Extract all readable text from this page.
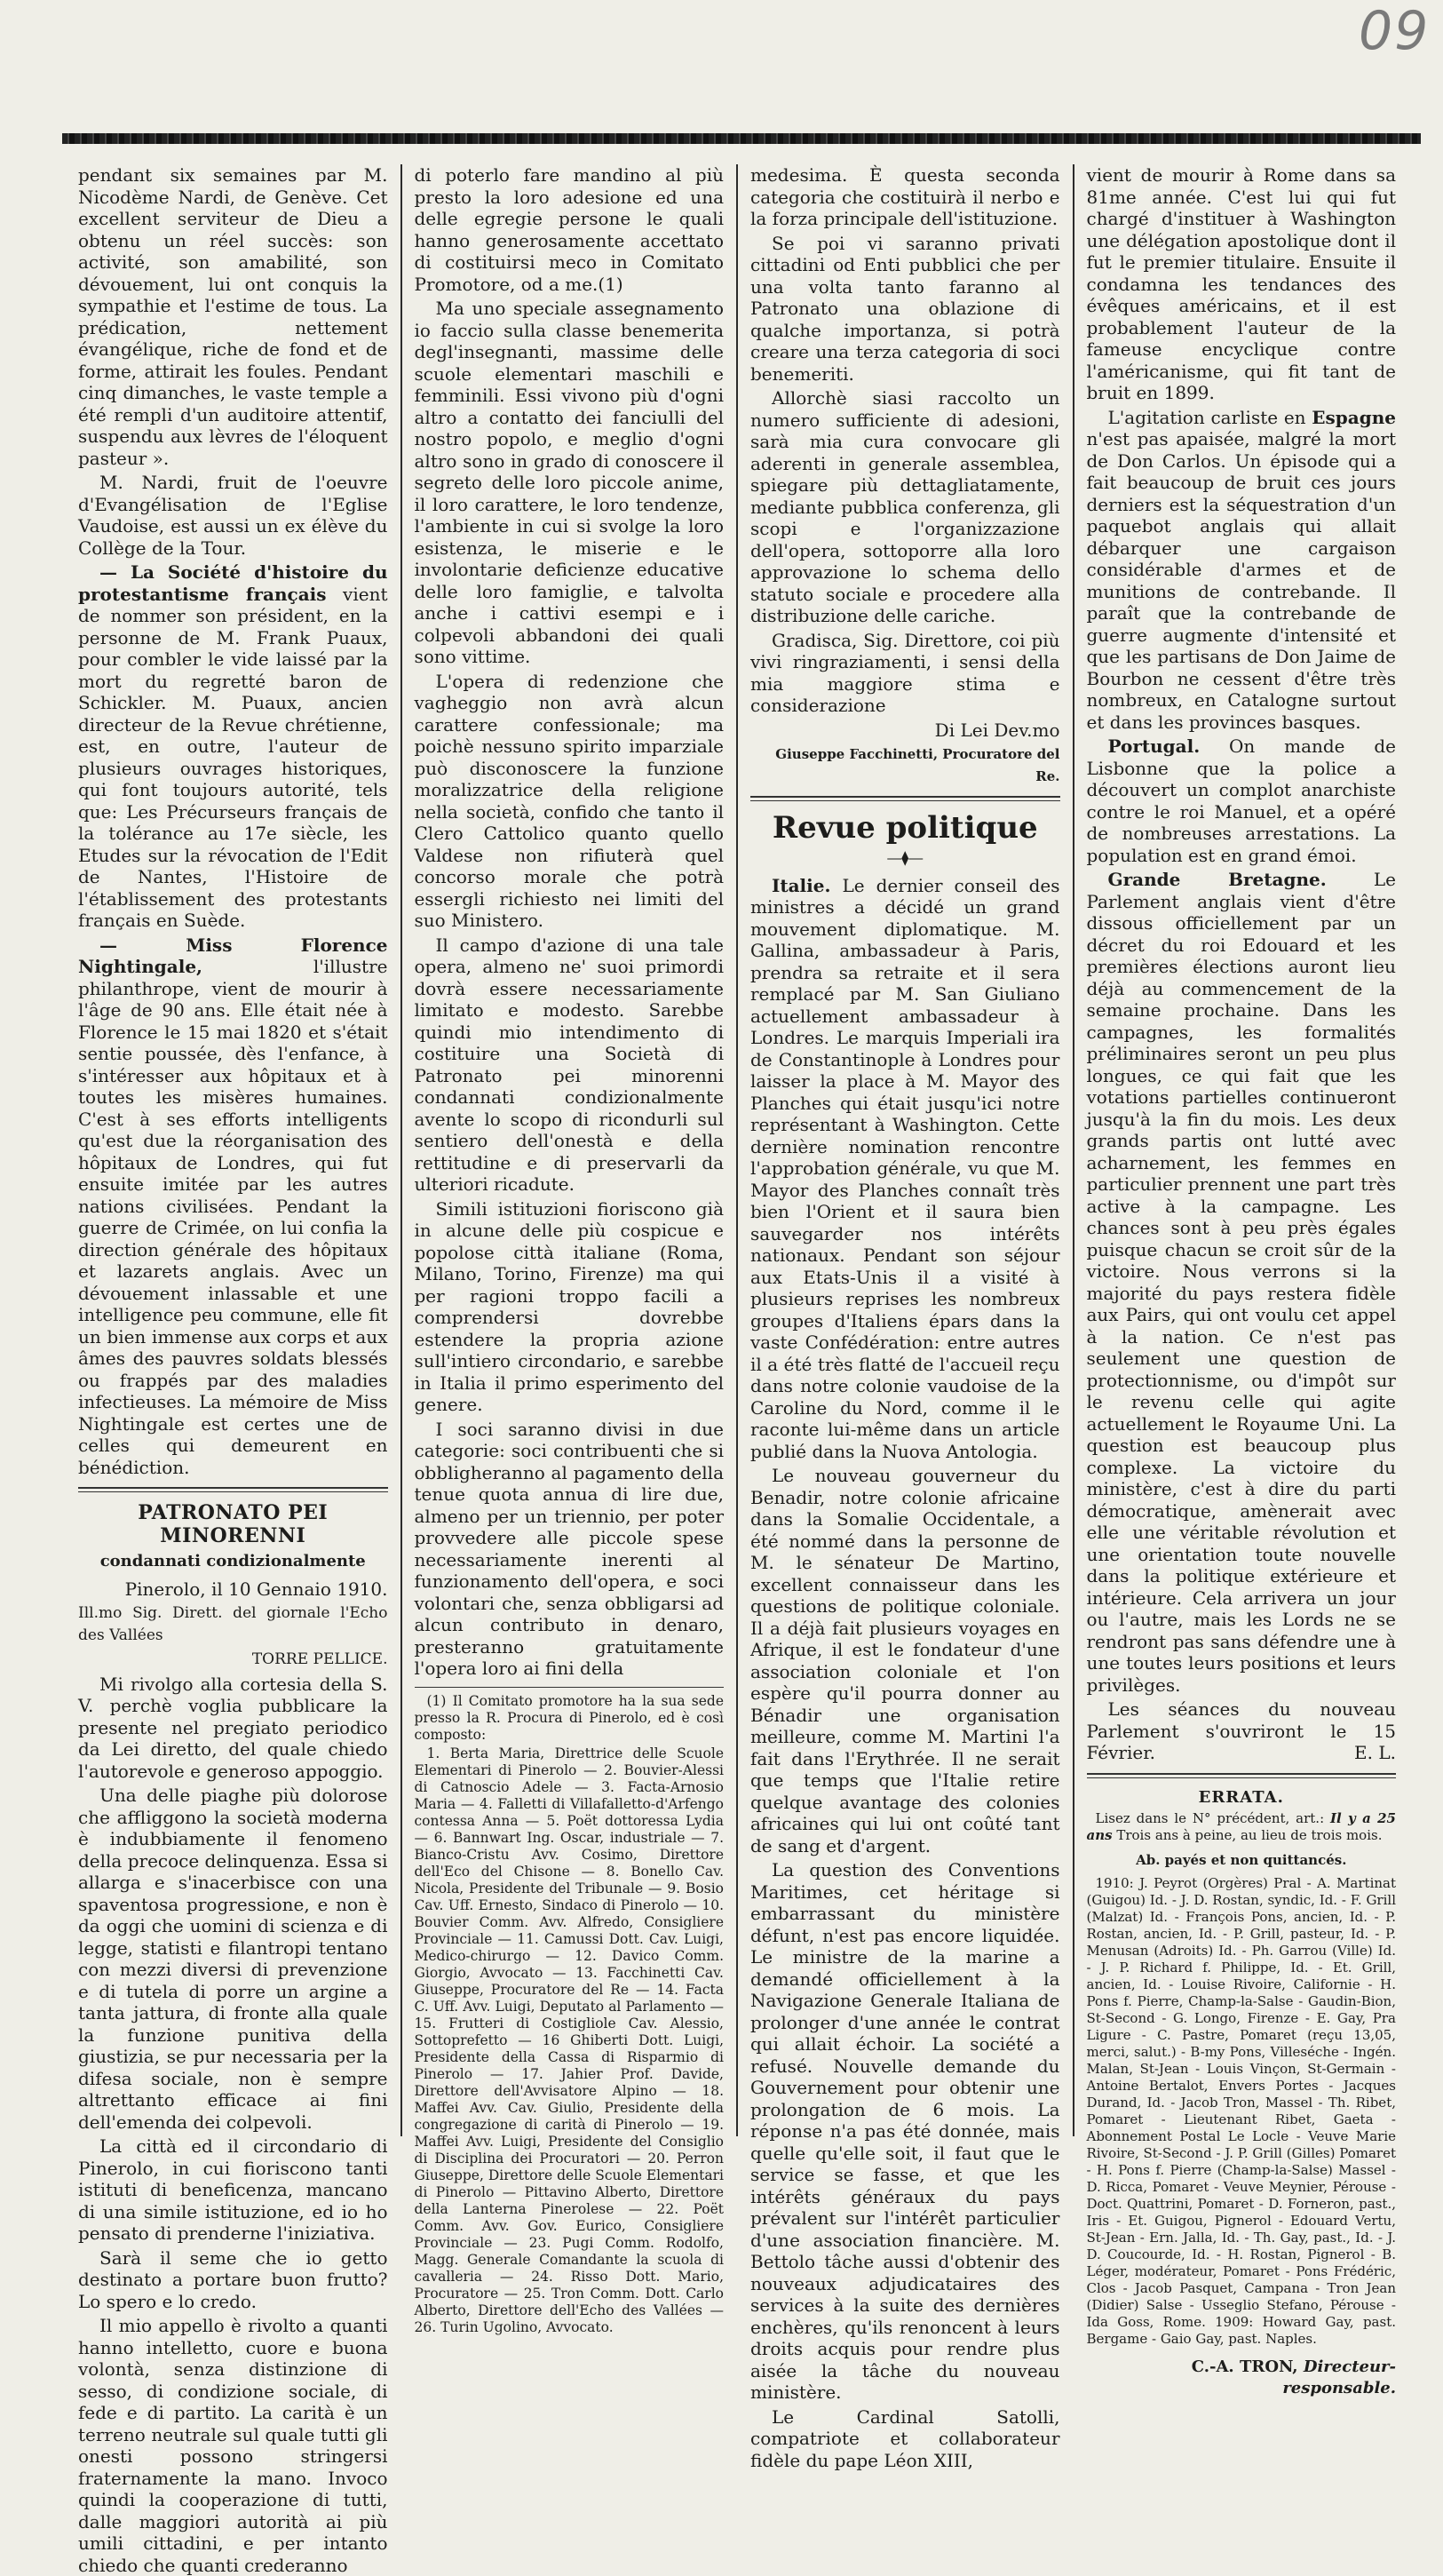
09

pendant six semaines par M. Nicodème Nardi, de Genève. Cet excellent serviteur de Dieu a obtenu un réel succès: son activité, son amabilité, son dévouement, lui ont conquis la sympathie et l'estime de tous. La prédication, nettement évangélique, riche de fond et de forme, attirait les foules. Pendant cinq dimanches, le vaste temple a été rempli d'un auditoire attentif, suspendu aux lèvres de l'éloquent pasteur ».

M. Nardi, fruit de l'oeuvre d'Evangélisation de l'Eglise Vaudoise, est aussi un ex élève du Collège de la Tour.

— La Société d'histoire du protestantisme français vient de nommer son président, en la personne de M. Frank Puaux, pour combler le vide laissé par la mort du regretté baron de Schickler. M. Puaux, ancien directeur de la Revue chrétienne, est, en outre, l'auteur de plusieurs ouvrages historiques, qui font toujours autorité, tels que: Les Précurseurs français de la tolérance au 17e siècle, les Etudes sur la révocation de l'Edit de Nantes, l'Histoire de l'établissement des protestants français en Suède.

— Miss Florence Nightingale, l'illustre philanthrope, vient de mourir à l'âge de 90 ans. Elle était née à Florence le 15 mai 1820 et s'était sentie poussée, dès l'enfance, à s'intéresser aux hôpitaux et à toutes les misères humaines. C'est à ses efforts intelligents qu'est due la réorganisation des hôpitaux de Londres, qui fut ensuite imitée par les autres nations civilisées. Pendant la guerre de Crimée, on lui confia la direction générale des hôpitaux et lazarets anglais. Avec un dévouement inlassable et une intelligence peu commune, elle fit un bien immense aux corps et aux âmes des pauvres soldats blessés ou frappés par des maladies infectieuses. La mémoire de Miss Nightingale est certes une de celles qui demeurent en bénédiction.

PATRONATO PEI MINORENNI
condannati condizionalmente

Pinerolo, il 10 Gennaio 1910.

Ill.mo Sig. Dirett. del giornale l'Echo des Vallées

TORRE PELLICE.

Mi rivolgo alla cortesia della S. V. perchè voglia pubblicare la presente nel pregiato periodico da Lei diretto, del quale chiedo l'autorevole e generoso appoggio.

Una delle piaghe più dolorose che affliggono la società moderna è indubbiamente il fenomeno della precoce delinquenza. Essa si allarga e s'inacerbisce con una spaventosa progressione, e non è da oggi che uomini di scienza e di legge, statisti e filantropi tentano con mezzi diversi di prevenzione e di tutela di porre un argine a tanta jattura, di fronte alla quale la funzione punitiva della giustizia, se pur necessaria per la difesa sociale, non è sempre altrettanto efficace ai fini dell'emenda dei colpevoli.

La città ed il circondario di Pinerolo, in cui fioriscono tanti istituti di beneficenza, mancano di una simile istituzione, ed io ho pensato di prenderne l'iniziativa.

Sarà il seme che io getto destinato a portare buon frutto? Lo spero e lo credo.

Il mio appello è rivolto a quanti hanno intelletto, cuore e buona volontà, senza distinzione di sesso, di condizione sociale, di fede e di partito. La carità è un terreno neutrale sul quale tutti gli onesti possono stringersi fraternamente la mano. Invoco quindi la cooperazione di tutti, dalle maggiori autorità ai più umili cittadini, e per intanto chiedo che quanti crederanno

di poterlo fare mandino al più presto la loro adesione ed una delle egregie persone le quali hanno generosamente accettato di costituirsi meco in Comitato Promotore, od a me.(1)

Ma uno speciale assegnamento io faccio sulla classe benemerita degl'insegnanti, massime delle scuole elementari maschili e femminili. Essi vivono più d'ogni altro a contatto dei fanciulli del nostro popolo, e meglio d'ogni altro sono in grado di conoscere il segreto delle loro piccole anime, il loro carattere, le loro tendenze, l'ambiente in cui si svolge la loro esistenza, le miserie e le involontarie deficienze educative delle loro famiglie, e talvolta anche i cattivi esempi e i colpevoli abbandoni dei quali sono vittime.

L'opera di redenzione che vagheggio non avrà alcun carattere confessionale; ma poichè nessuno spirito imparziale può disconoscere la funzione moralizzatrice della religione nella società, confido che tanto il Clero Cattolico quanto quello Valdese non rifiuterà quel concorso morale che potrà essergli richiesto nei limiti del suo Ministero.

Il campo d'azione di una tale opera, almeno ne' suoi primordi dovrà essere necessariamente limitato e modesto. Sarebbe quindi mio intendimento di costituire una Società di Patronato pei minorenni condannati condizionalmente avente lo scopo di ricondurli sul sentiero dell'onestà e della rettitudine e di preservarli da ulteriori ricadute.

Simili istituzioni fioriscono già in alcune delle più cospicue e popolose città italiane (Roma, Milano, Torino, Firenze) ma qui per ragioni troppo facili a comprendersi dovrebbe estendere la propria azione sull'intiero circondario, e sarebbe in Italia il primo esperimento del genere.

I soci saranno divisi in due categorie: soci contribuenti che si obbligheranno al pagamento della tenue quota annua di lire due, almeno per un triennio, per poter provvedere alle piccole spese necessariamente inerenti al funzionamento dell'opera, e soci volontari che, senza obbligarsi ad alcun contributo in denaro, presteranno gratuitamente l'opera loro ai fini della

(1) Il Comitato promotore ha la sua sede presso la R. Procura di Pinerolo, ed è così composto:

1. Berta Maria, Direttrice delle Scuole Elementari di Pinerolo — 2. Bouvier-Alessi di Catnoscio Adele — 3. Facta-Arnosio Maria — 4. Falletti di Villafalletto-d'Arfengo contessa Anna — 5. Poët dottoressa Lydia — 6. Bannwart Ing. Oscar, industriale — 7. Bianco-Cristu Avv. Cosimo, Direttore dell'Eco del Chisone — 8. Bonello Cav. Nicola, Presidente del Tribunale — 9. Bosio Cav. Uff. Ernesto, Sindaco di Pinerolo — 10. Bouvier Comm. Avv. Alfredo, Consigliere Provinciale — 11. Camussi Dott. Cav. Luigi, Medico-chirurgo — 12. Davico Comm. Giorgio, Avvocato — 13. Facchinetti Cav. Giuseppe, Procuratore del Re — 14. Facta C. Uff. Avv. Luigi, Deputato al Parlamento — 15. Frutteri di Costigliole Cav. Alessio, Sottoprefetto — 16 Ghiberti Dott. Luigi, Presidente della Cassa di Risparmio di Pinerolo — 17. Jahier Prof. Davide, Direttore dell'Avvisatore Alpino — 18. Maffei Avv. Cav. Giulio, Presidente della congregazione di carità di Pinerolo — 19. Maffei Avv. Luigi, Presidente del Consiglio di Disciplina dei Procuratori — 20. Perron Giuseppe, Direttore delle Scuole Elementari di Pinerolo — Pittavino Alberto, Direttore della Lanterna Pinerolese — 22. Poët Comm. Avv. Gov. Eurico, Consigliere Provinciale — 23. Pugi Comm. Rodolfo, Magg. Generale Comandante la scuola di cavalleria — 24. Risso Dott. Mario, Procuratore — 25. Tron Comm. Dott. Carlo Alberto, Direttore dell'Echo des Vallées — 26. Turin Ugolino, Avvocato.

medesima. È questa seconda categoria che costituirà il nerbo e la forza principale dell'istituzione.

Se poi vi saranno privati cittadini od Enti pubblici che per una volta tanto faranno al Patronato una oblazione di qualche importanza, si potrà creare una terza categoria di soci benemeriti.

Allorchè siasi raccolto un numero sufficiente di adesioni, sarà mia cura convocare gli aderenti in generale assemblea, spiegare più dettagliatamente, mediante pubblica conferenza, gli scopi e l'organizzazione dell'opera, sottoporre alla loro approvazione lo schema dello statuto sociale e procedere alla distribuzione delle cariche.

Gradisca, Sig. Direttore, coi più vivi ringraziamenti, i sensi della mia maggiore stima e considerazione

Di Lei Dev.mo

Giuseppe Facchinetti, Procuratore del Re.

Revue politique
―⧫―

Italie. Le dernier conseil des ministres a décidé un grand mouvement diplomatique. M. Gallina, ambassadeur à Paris, prendra sa retraite et il sera remplacé par M. San Giuliano actuellement ambassadeur à Londres. Le marquis Imperiali ira de Constantinople à Londres pour laisser la place à M. Mayor des Planches qui était jusqu'ici notre représentant à Washington. Cette dernière nomination rencontre l'approbation générale, vu que M. Mayor des Planches connaît très bien l'Orient et il saura bien sauvegarder nos intérêts nationaux. Pendant son séjour aux Etats-Unis il a visité à plusieurs reprises les nombreux groupes d'Italiens épars dans la vaste Confédération: entre autres il a été très flatté de l'accueil reçu dans notre colonie vaudoise de la Caroline du Nord, comme il le raconte lui-même dans un article publié dans la Nuova Antologia.

Le nouveau gouverneur du Benadir, notre colonie africaine dans la Somalie Occidentale, a été nommé dans la personne de M. le sénateur De Martino, excellent connaisseur dans les questions de politique coloniale. Il a déjà fait plusieurs voyages en Afrique, il est le fondateur d'une association coloniale et l'on espère qu'il pourra donner au Bénadir une organisation meilleure, comme M. Martini l'a fait dans l'Erythrée. Il ne serait que temps que l'Italie retire quelque avantage des colonies africaines qui lui ont coûté tant de sang et d'argent.

La question des Conventions Maritimes, cet héritage si embarrassant du ministère défunt, n'est pas encore liquidée. Le ministre de la marine a demandé officiellement à la Navigazione Generale Italiana de prolonger d'une année le contrat qui allait échoir. La société a refusé. Nouvelle demande du Gouvernement pour obtenir une prolongation de 6 mois. La réponse n'a pas été donnée, mais quelle qu'elle soit, il faut que le service se fasse, et que les intérêts généraux du pays prévalent sur l'intérêt particulier d'une association financière. M. Bettolo tâche aussi d'obtenir des nouveaux adjudicataires des services à la suite des dernières enchères, qu'ils renoncent à leurs droits acquis pour rendre plus aisée la tâche du nouveau ministère.

Le Cardinal Satolli, compatriote et collaborateur fidèle du pape Léon XIII,

vient de mourir à Rome dans sa 81me année. C'est lui qui fut chargé d'instituer à Washington une délégation apostolique dont il fut le premier titulaire. Ensuite il condamna les tendances des évêques américains, et il est probablement l'auteur de la fameuse encyclique contre l'américanisme, qui fit tant de bruit en 1899.

L'agitation carliste en Espagne n'est pas apaisée, malgré la mort de Don Carlos. Un épisode qui a fait beaucoup de bruit ces jours derniers est la séquestration d'un paquebot anglais qui allait débarquer une cargaison considérable d'armes et de munitions de contrebande. Il paraît que la contrebande de guerre augmente d'intensité et que les partisans de Don Jaime de Bourbon ne cessent d'être très nombreux, en Catalogne surtout et dans les provinces basques.

Portugal. On mande de Lisbonne que la police a découvert un complot anarchiste contre le roi Manuel, et a opéré de nombreuses arrestations. La population est en grand émoi.

Grande Bretagne. Le Parlement anglais vient d'être dissous officiellement par un décret du roi Edouard et les premières élections auront lieu déjà au commencement de la semaine prochaine. Dans les campagnes, les formalités préliminaires seront un peu plus longues, ce qui fait que les votations partielles continueront jusqu'à la fin du mois. Les deux grands partis ont lutté avec acharnement, les femmes en particulier prennent une part très active à la campagne. Les chances sont à peu près égales puisque chacun se croit sûr de la victoire. Nous verrons si la majorité du pays restera fidèle aux Pairs, qui ont voulu cet appel à la nation. Ce n'est pas seulement une question de protectionnisme, ou d'impôt sur le revenu celle qui agite actuellement le Royaume Uni. La question est beaucoup plus complexe. La victoire du ministère, c'est à dire du parti démocratique, amènerait avec elle une véritable révolution et une orientation toute nouvelle dans la politique extérieure et intérieure. Cela arrivera un jour ou l'autre, mais les Lords ne se rendront pas sans défendre une à une toutes leurs positions et leurs privilèges.

Les séances du nouveau Parlement s'ouvriront le 15 Février.	E. L.

ERRATA.

Lisez dans le N° précédent, art.: Il y a 25 ans Trois ans à peine, au lieu de trois mois.

Ab. payés et non quittancés.

1910: J. Peyrot (Orgères) Pral - A. Martinat (Guigou) Id. - J. D. Rostan, syndic, Id. - F. Grill (Malzat) Id. - François Pons, ancien, Id. - P. Rostan, ancien, Id. - P. Grill, pasteur, Id. - P. Menusan (Adroits) Id. - Ph. Garrou (Ville) Id. - J. P. Richard f. Philippe, Id. - Et. Grill, ancien, Id. - Louise Rivoire, Californie - H. Pons f. Pierre, Champ-la-Salse - Gaudin-Bion, St-Second - G. Longo, Firenze - E. Gay, Pra Ligure - C. Pastre, Pomaret (reçu 13,05, merci, salut.) - B-my Pons, Villeséche - Ingén. Malan, St-Jean - Louis Vinçon, St-Germain - Antoine Bertalot, Envers Portes - Jacques Durand, Id. - Jacob Tron, Massel - Th. Ribet, Pomaret - Lieutenant Ribet, Gaeta - Abonnement Postal Le Locle - Veuve Marie Rivoire, St-Second - J. P. Grill (Gilles) Pomaret - H. Pons f. Pierre (Champ-la-Salse) Massel - D. Ricca, Pomaret - Veuve Meynier, Pérouse - Doct. Quattrini, Pomaret - D. Forneron, past., Iris - Et. Guigou, Pignerol - Edouard Vertu, St-Jean - Ern. Jalla, Id. - Th. Gay, past., Id. - J. D. Coucourde, Id. - H. Rostan, Pignerol - B. Léger, modérateur, Pomaret - Pons Frédéric, Clos - Jacob Pasquet, Campana - Tron Jean (Didier) Salse - Usseglio Stefano, Pérouse - Ida Goss, Rome. 1909: Howard Gay, past. Bergame - Gaio Gay, past. Naples.

C.-A. TRON, Directeur-responsable.
